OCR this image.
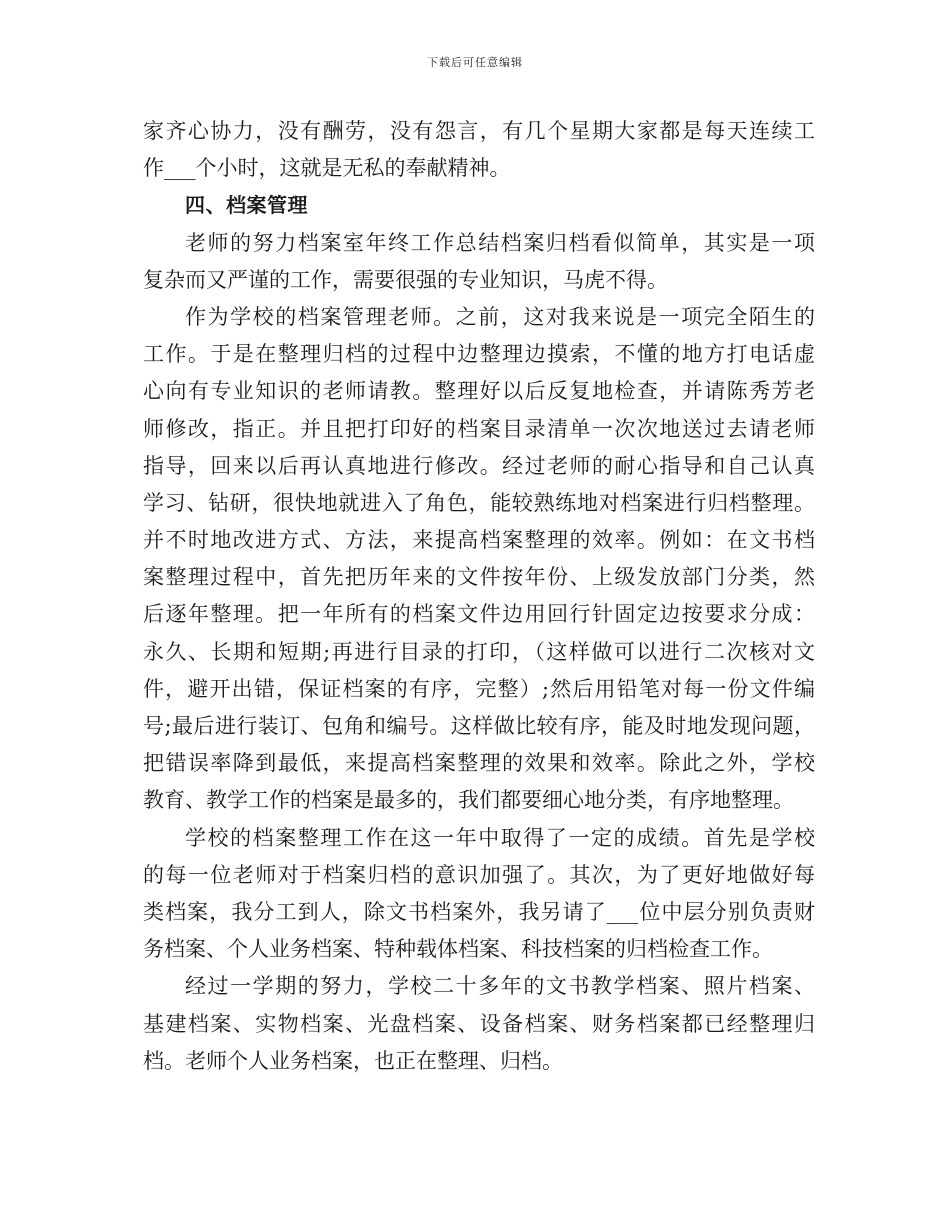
下载后可任意编辑
家齐心协力，没有酬劳，没有怨言，有几个星期大家都是每天连续工
作___个小时，这就是无私的奉献精神。
四、档案管理
老师的努力档案室年终工作总结档案归档看似简单，其实是一项
复杂而又严谨的工作，需要很强的专业知识，马虎不得。
作为学校的档案管理老师。之前，这对我来说是一项完全陌生的
工作。于是在整理归档的过程中边整理边摸索，不懂的地方打电话虚
心向有专业知识的老师请教。整理好以后反复地检查，并请陈秀芳老
师修改，指正。并且把打印好的档案目录清单一次次地送过去请老师
指导，回来以后再认真地进行修改。经过老师的耐心指导和自己认真
学习、钻研，很快地就进入了角色，能较熟练地对档案进行归档整理。
并不时地改进方式、方法，来提高档案整理的效率。例如：在文书档
案整理过程中，首先把历年来的文件按年份、上级发放部门分类，然
后逐年整理。把一年所有的档案文件边用回行针固定边按要求分成：
永久、长期和短期;再进行目录的打印，（这样做可以进行二次核对文
件，避开出错，保证档案的有序，完整）;然后用铅笔对每一份文件编
号;最后进行装订、包角和编号。这样做比较有序，能及时地发现问题，
把错误率降到最低，来提高档案整理的效果和效率。除此之外，学校
教育、教学工作的档案是最多的，我们都要细心地分类，有序地整理。
学校的档案整理工作在这一年中取得了一定的成绩。首先是学校
的每一位老师对于档案归档的意识加强了。其次，为了更好地做好每
类档案，我分工到人，除文书档案外，我另请了___位中层分别负责财
务档案、个人业务档案、特种载体档案、科技档案的归档检查工作。
经过一学期的努力，学校二十多年的文书教学档案、照片档案、
基建档案、实物档案、光盘档案、设备档案、财务档案都已经整理归
档。老师个人业务档案，也正在整理、归档。
